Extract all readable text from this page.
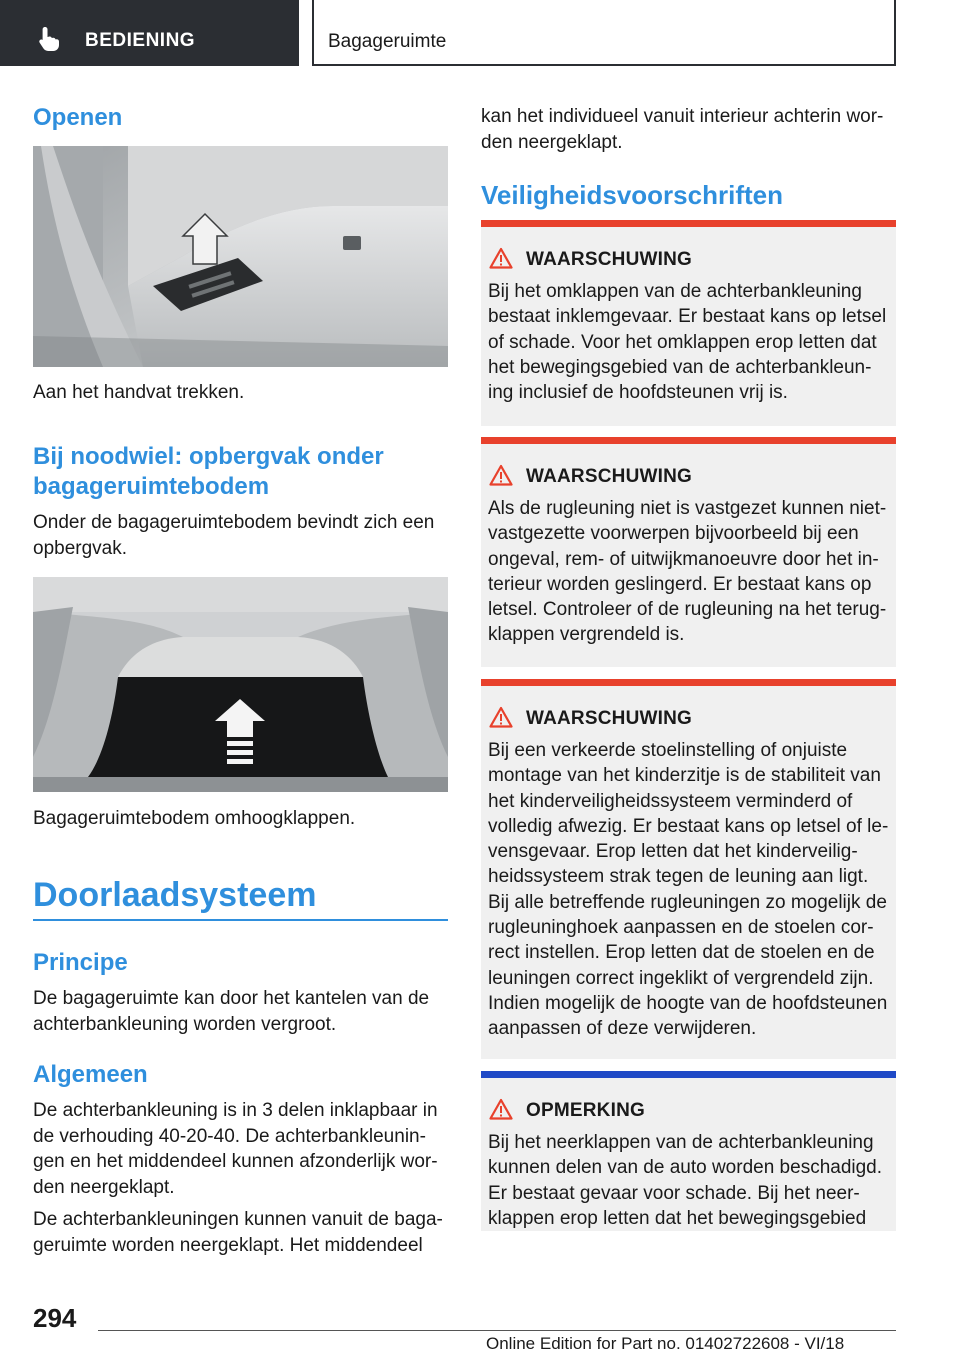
BEDIENING	Bagageruimte
Openen
Aan het handvat trekken.
Bij noodwiel: opbergvak onder
bagageruimtebodem
Onder de bagageruimtebodem bevindt zich een
opbergvak.
Bagageruimtebodem omhoogklappen.
Doorlaadsysteem
Principe
De bagageruimte kan door het kantelen van de
achterbankleuning worden vergroot.
Algemeen
De achterbankleuning is in 3 delen inklapbaar in
de verhouding 40-20-40. De achterbankleunin-
gen en het middendeel kunnen afzonderlijk wor-
den neergeklapt.
De achterbankleuningen kunnen vanuit de baga-
geruimte worden neergeklapt. Het middendeel
kan het individueel vanuit interieur achterin wor-
den neergeklapt.
Veiligheidsvoorschriften
WAARSCHUWING
Bij het omklappen van de achterbankleuning
bestaat inklemgevaar. Er bestaat kans op letsel
of schade. Voor het omklappen erop letten dat
het bewegingsgebied van de achterbankleun-
ing inclusief de hoofdsteunen vrij is.
WAARSCHUWING
Als de rugleuning niet is vastgezet kunnen niet-
vastgezette voorwerpen bijvoorbeeld bij een
ongeval, rem- of uitwijkmanoeuvre door het in-
terieur worden geslingerd. Er bestaat kans op
letsel. Controleer of de rugleuning na het terug-
klappen vergrendeld is.
WAARSCHUWING
Bij een verkeerde stoelinstelling of onjuiste
montage van het kinderzitje is de stabiliteit van
het kinderveiligheidssysteem verminderd of
volledig afwezig. Er bestaat kans op letsel of le-
vensgevaar. Erop letten dat het kinderveilig-
heidssysteem strak tegen de leuning aan ligt.
Bij alle betreffende rugleuningen zo mogelijk de
rugleuninghoek aanpassen en de stoelen cor-
rect instellen. Erop letten dat de stoelen en de
leuningen correct ingeklikt of vergrendeld zijn.
Indien mogelijk de hoogte van de hoofdsteunen
aanpassen of deze verwijderen.
OPMERKING
Bij het neerklappen van de achterbankleuning
kunnen delen van de auto worden beschadigd.
Er bestaat gevaar voor schade. Bij het neer-
klappen erop letten dat het bewegingsgebied
294
Online Edition for Part no. 01402722608 - VI/18
